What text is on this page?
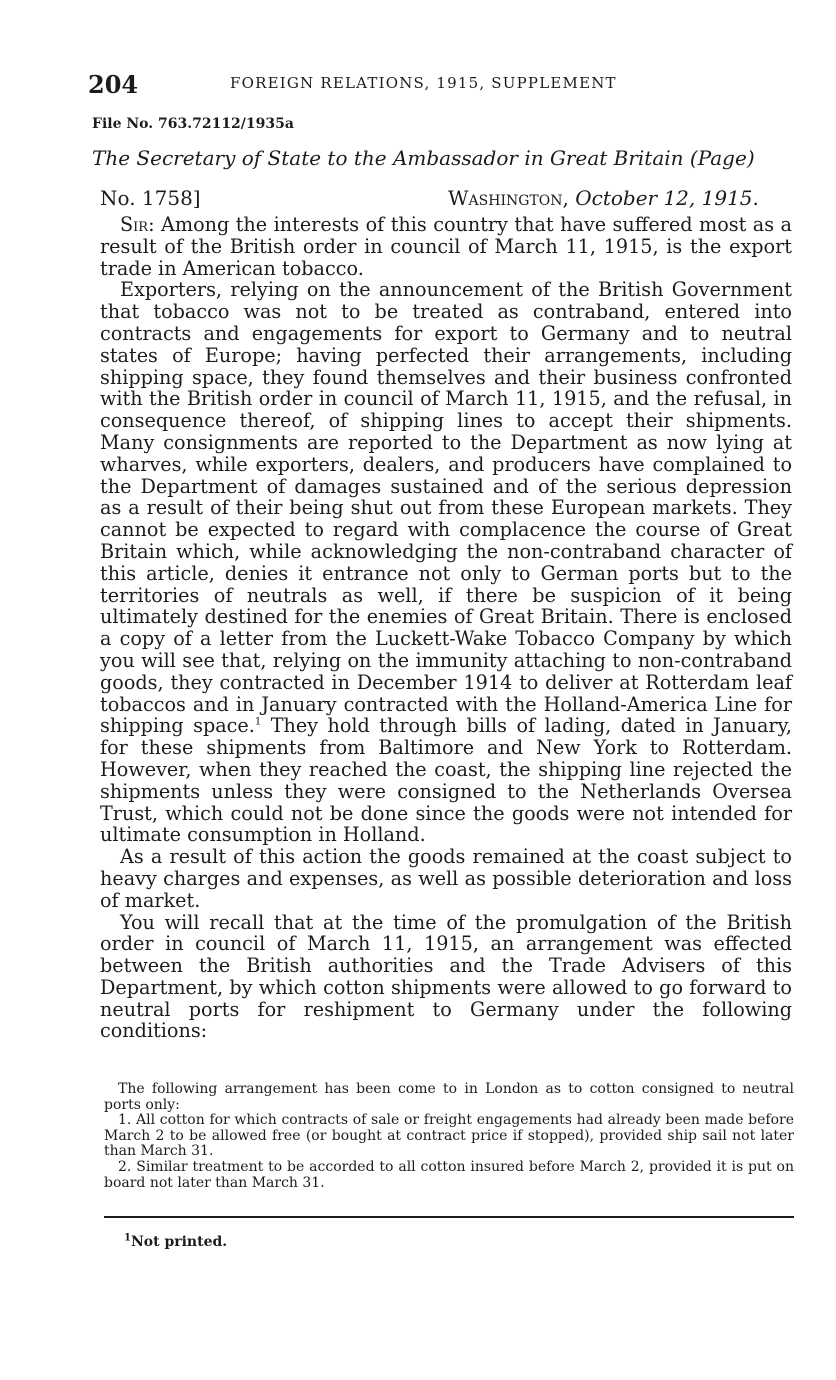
204	FOREIGN RELATIONS, 1915, SUPPLEMENT
File No. 763.72112/1935a
The Secretary of State to the Ambassador in Great Britain (Page)
No. 1758]	Washington, October 12, 1915.

Sir: Among the interests of this country that have suffered most as a result of the British order in council of March 11, 1915, is the export trade in American tobacco.

Exporters, relying on the announcement of the British Government that tobacco was not to be treated as contraband, entered into contracts and engagements for export to Germany and to neutral states of Europe; having perfected their arrangements, including shipping space, they found themselves and their business confronted with the British order in council of March 11, 1915, and the refusal, in consequence thereof, of shipping lines to accept their shipments. Many consignments are reported to the Department as now lying at wharves, while exporters, dealers, and producers have complained to the Department of damages sustained and of the serious depression as a result of their being shut out from these European markets. They cannot be expected to regard with complacence the course of Great Britain which, while acknowledging the non-contraband character of this article, denies it entrance not only to German ports but to the territories of neutrals as well, if there be suspicion of it being ultimately destined for the enemies of Great Britain. There is enclosed a copy of a letter from the Luckett-Wake Tobacco Company by which you will see that, relying on the immunity attaching to non-contraband goods, they contracted in December 1914 to deliver at Rotterdam leaf tobaccos and in January contracted with the Holland-America Line for shipping space.$^1$ They hold through bills of lading, dated in January, for these shipments from Baltimore and New York to Rotterdam. However, when they reached the coast, the shipping line rejected the shipments unless they were consigned to the Netherlands Oversea Trust, which could not be done since the goods were not intended for ultimate consumption in Holland.

As a result of this action the goods remained at the coast subject to heavy charges and expenses, as well as possible deterioration and loss of market.

You will recall that at the time of the promulgation of the British order in council of March 11, 1915, an arrangement was effected between the British authorities and the Trade Advisers of this Department, by which cotton shipments were allowed to go forward to neutral ports for reshipment to Germany under the following conditions:

The following arrangement has been come to in London as to cotton consigned to neutral ports only:

1. All cotton for which contracts of sale or freight engagements had already been made before March 2 to be allowed free (or bought at contract price if stopped), provided ship sail not later than March 31.

2. Similar treatment to be accorded to all cotton insured before March 2, provided it is put on board not later than March 31.

$^1$Not printed.
